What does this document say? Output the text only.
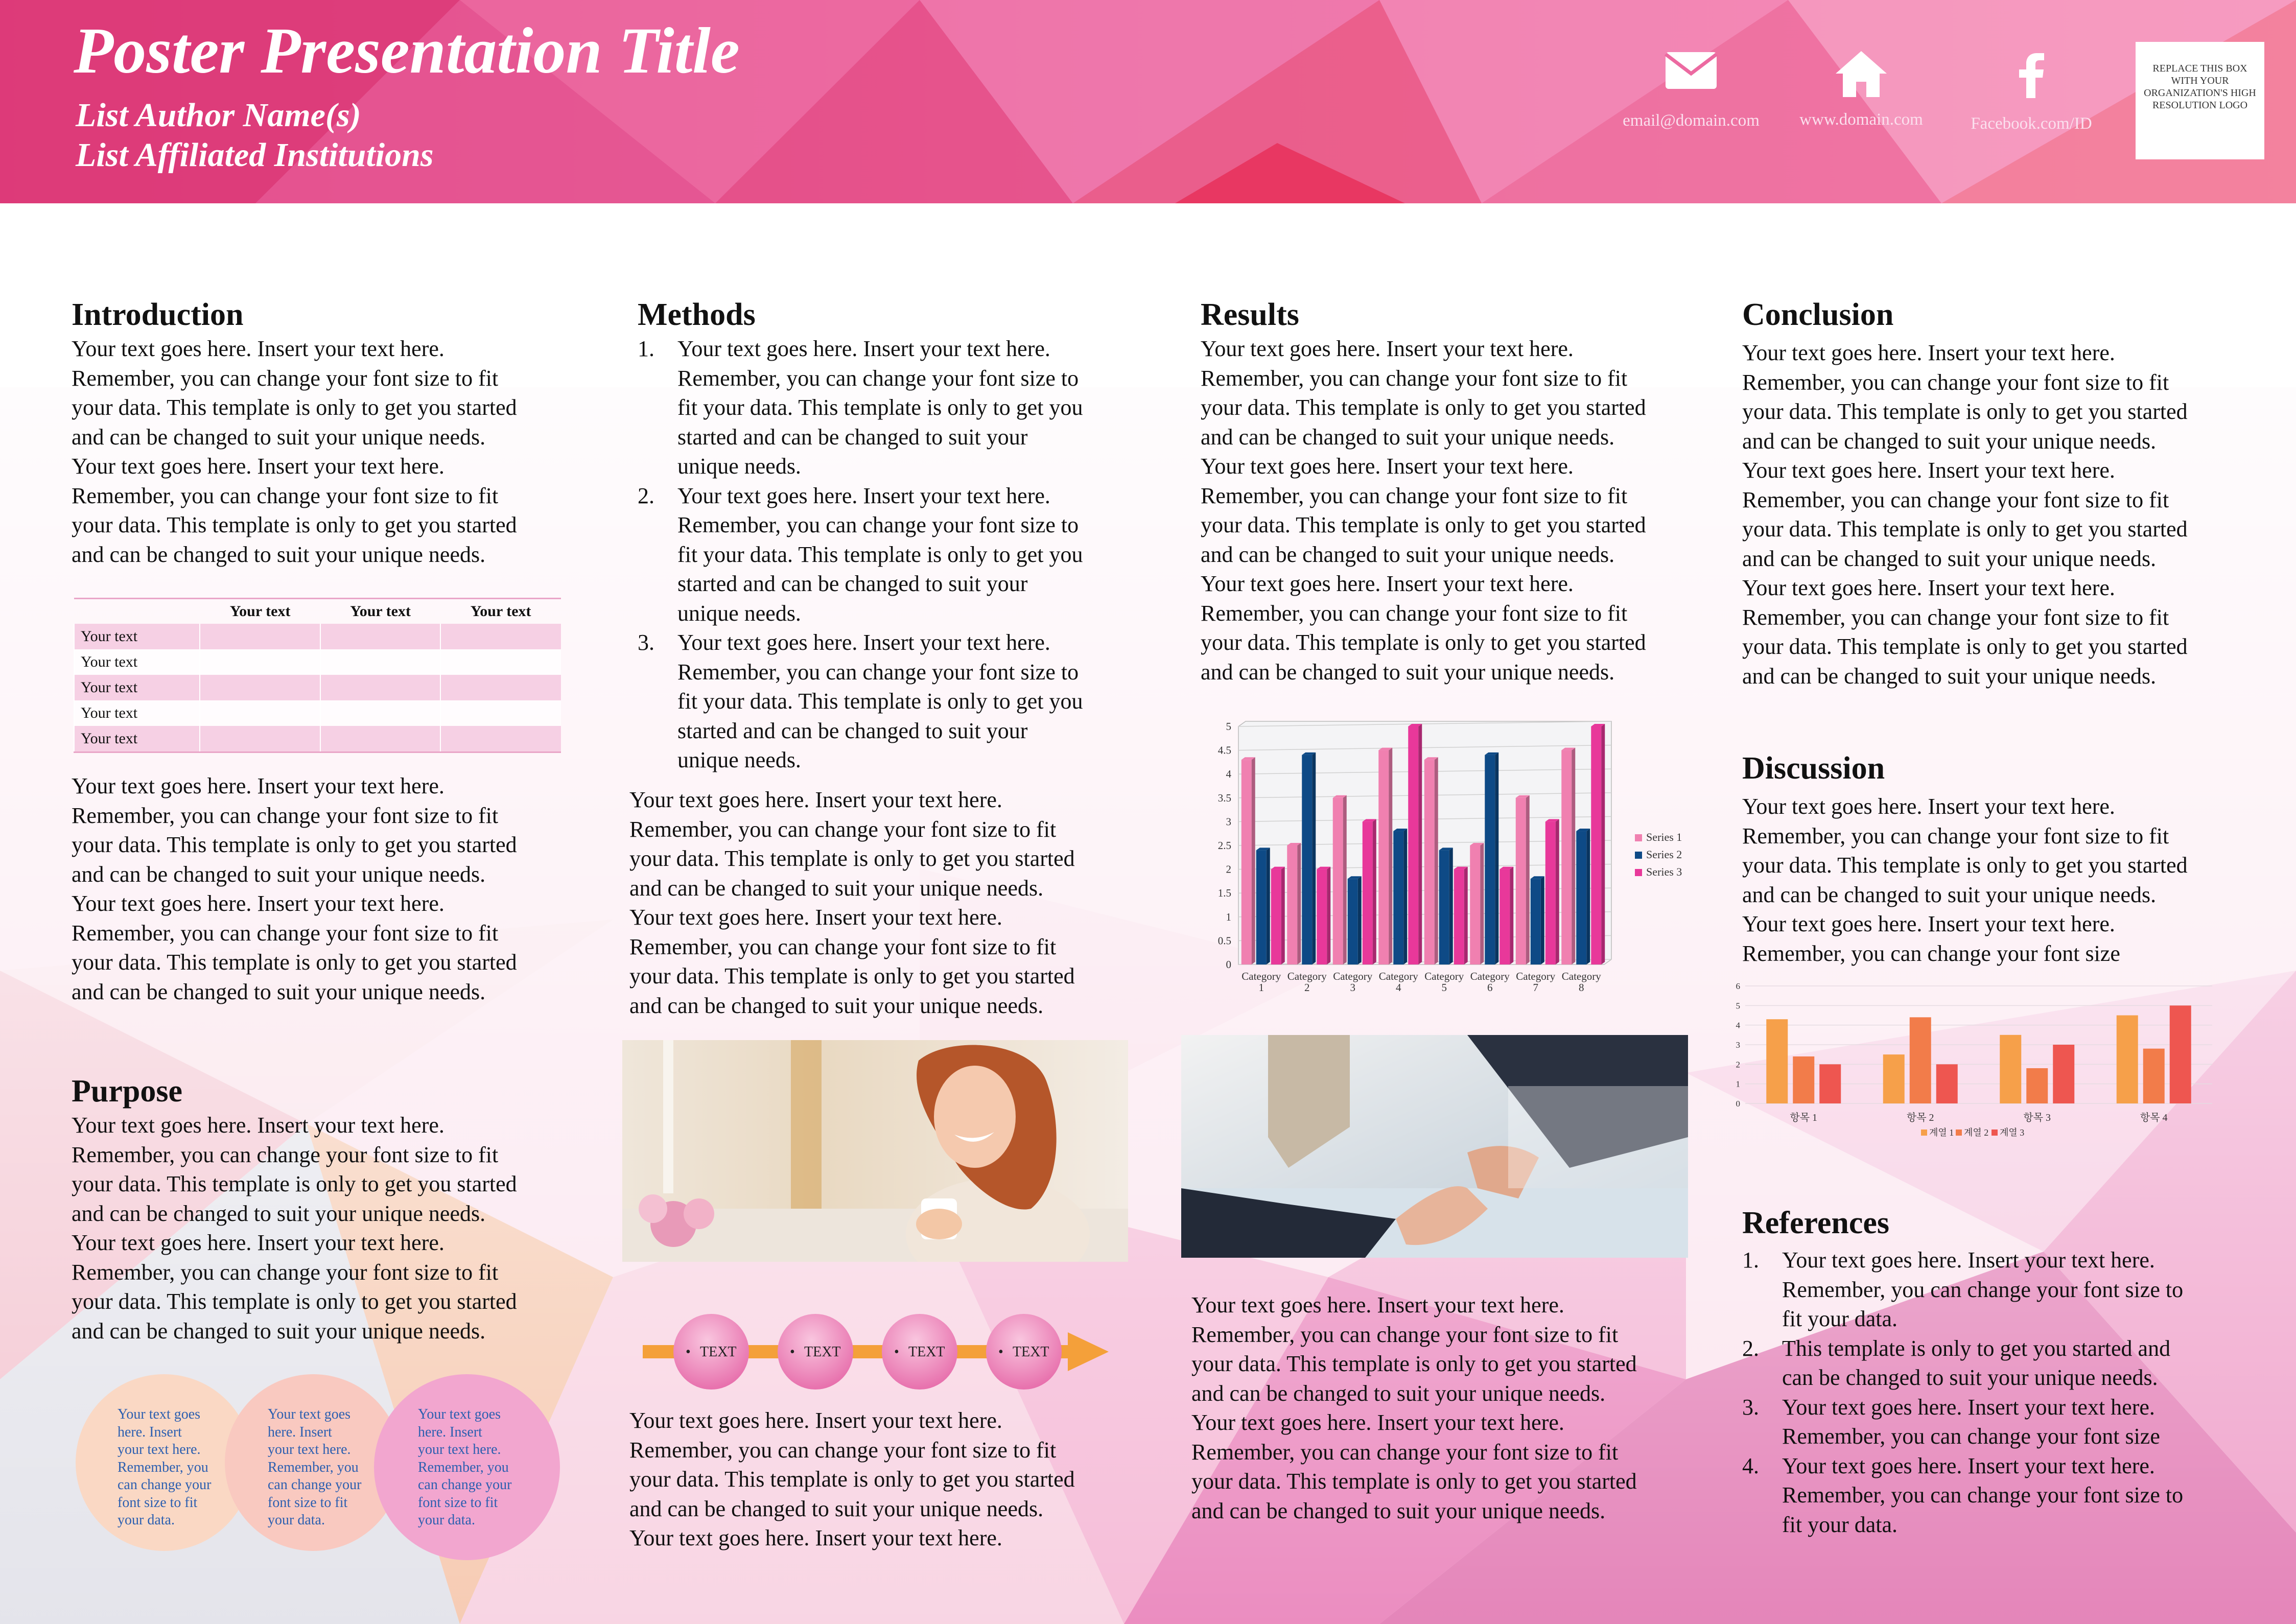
Poster Presentation Title
List Author Name(s)
List Affiliated Institutions
email@domain.com	www.domain.com	Facebook.com/ID
REPLACE THIS BOX WITH YOUR ORGANIZATION'S HIGH RESOLUTION LOGO
Introduction

Your text goes here. Insert your text here.
Remember, you can change your font size to fit
your data. This template is only to get you started
and can be changed to suit your unique needs.
Your text goes here. Insert your text here.
Remember, you can change your font size to fit
your data. This template is only to get you started
and can be changed to suit your unique needs.

	Your text	Your text	Your text
Your text			
Your text			
Your text			
Your text			
Your text			

Your text goes here. Insert your text here.
Remember, you can change your font size to fit
your data. This template is only to get you started
and can be changed to suit your unique needs.
Your text goes here. Insert your text here.
Remember, you can change your font size to fit
your data. This template is only to get you started
and can be changed to suit your unique needs.

Purpose

Your text goes here. Insert your text here.
Remember, you can change your font size to fit
your data. This template is only to get you started
and can be changed to suit your unique needs.
Your text goes here. Insert your text here.
Remember, you can change your font size to fit
your data. This template is only to get you started
and can be changed to suit your unique needs.

Your text goes
here. Insert
your text here.
Remember, you
can change your
font size to fit
your data.
Your text goes
here. Insert
your text here.
Remember, you
can change your
font size to fit
your data.
Your text goes
here. Insert
your text here.
Remember, you
can change your
font size to fit
your data.
Methods
1. Your text goes here. Insert your text here.
Remember, you can change your font size to
fit your data. This template is only to get you
started and can be changed to suit your
unique needs.
2. Your text goes here. Insert your text here.
Remember, you can change your font size to
fit your data. This template is only to get you
started and can be changed to suit your
unique needs.
3. Your text goes here. Insert your text here.
Remember, you can change your font size to
fit your data. This template is only to get you
started and can be changed to suit your
unique needs.

Your text goes here. Insert your text here.
Remember, you can change your font size to fit
your data. This template is only to get you started
and can be changed to suit your unique needs.
Your text goes here. Insert your text here.
Remember, you can change your font size to fit
your data. This template is only to get you started
and can be changed to suit your unique needs.

• TEXT	• TEXT	• TEXT	• TEXT

Your text goes here. Insert your text here.
Remember, you can change your font size to fit
your data. This template is only to get you started
and can be changed to suit your unique needs.
Your text goes here. Insert your text here.

Results

Your text goes here. Insert your text here.
Remember, you can change your font size to fit
your data. This template is only to get you started
and can be changed to suit your unique needs.
Your text goes here. Insert your text here.
Remember, you can change your font size to fit
your data. This template is only to get you started
and can be changed to suit your unique needs.
Your text goes here. Insert your text here.
Remember, you can change your font size to fit
your data. This template is only to get you started
and can be changed to suit your unique needs.

0
0.5
1
1.5
2
2.5
3
3.5
4
4.5
5
Category
1
Category
2
Category
3
Category
4
Category
5
Category
6
Category
7
Category
8
Series 1
Series 2
Series 3

Your text goes here. Insert your text here.
Remember, you can change your font size to fit
your data. This template is only to get you started
and can be changed to suit your unique needs.
Your text goes here. Insert your text here.
Remember, you can change your font size to fit
your data. This template is only to get you started
and can be changed to suit your unique needs.

Conclusion

Your text goes here. Insert your text here.
Remember, you can change your font size to fit
your data. This template is only to get you started
and can be changed to suit your unique needs.
Your text goes here. Insert your text here.
Remember, you can change your font size to fit
your data. This template is only to get you started
and can be changed to suit your unique needs.
Your text goes here. Insert your text here.
Remember, you can change your font size to fit
your data. This template is only to get you started
and can be changed to suit your unique needs.

Discussion

Your text goes here. Insert your text here.
Remember, you can change your font size to fit
your data. This template is only to get you started
and can be changed to suit your unique needs.
Your text goes here. Insert your text here.
Remember, you can change your font size

0
1
2
3
4
5
6
항목 1	항목 2	항목 3	항목 4
계열 1 계열 2 계열 3
References
1. Your text goes here. Insert your text here.
Remember, you can change your font size to
fit your data.
2. This template is only to get you started and
can be changed to suit your unique needs.
3. Your text goes here. Insert your text here.
Remember, you can change your font size
4. Your text goes here. Insert your text here.
Remember, you can change your font size to
fit your data.
